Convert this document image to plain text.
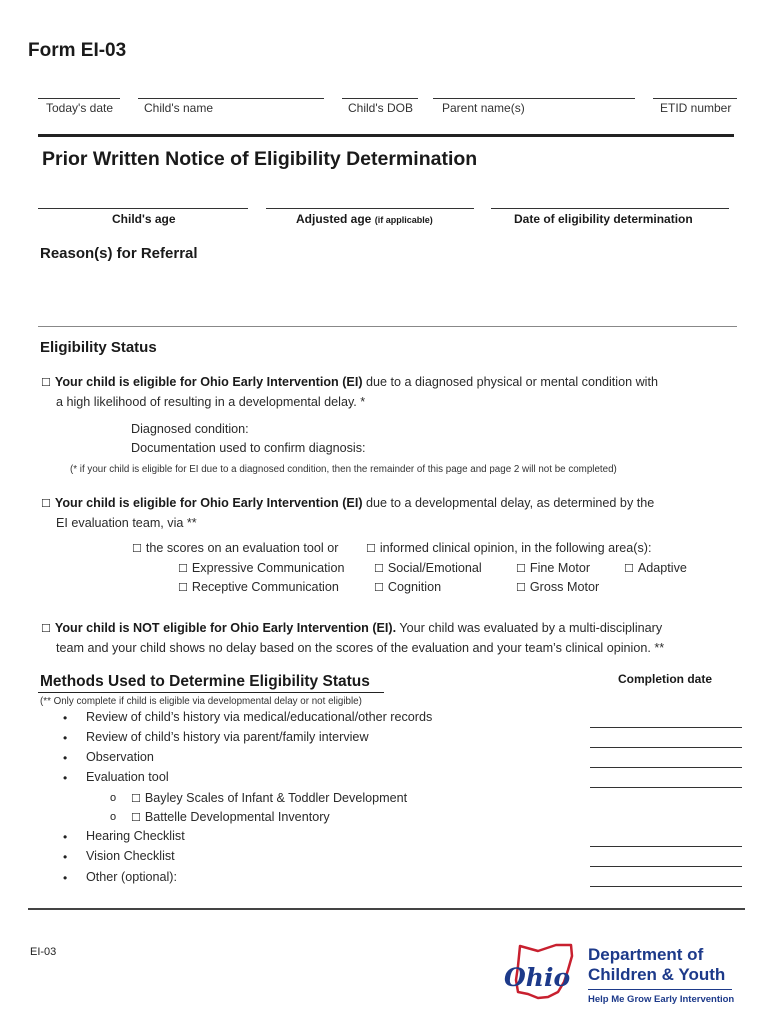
Form EI-03
Today's date	Child's name	Child's DOB Parent name(s)	ETID number
Prior Written Notice of Eligibility Determination
Child's age	Adjusted age (if applicable)	Date of eligibility determination
Reason(s) for Referral
Eligibility Status
☐ Your child is eligible for Ohio Early Intervention (EI) due to a diagnosed physical or mental condition with
a high likelihood of resulting in a developmental delay. *
Diagnosed condition:
Documentation used to confirm diagnosis:
(* if your child is eligible for EI due to a diagnosed condition, then the remainder of this page and page 2 will not be completed)
☐ Your child is eligible for Ohio Early Intervention (EI) due to a developmental delay, as determined by the
EI evaluation team, via **
☐ the scores on an evaluation tool or	☐ informed clinical opinion, in the following area(s):
☐ Expressive Communication	☐ Social/Emotional	☐ Fine Motor	☐ Adaptive
☐ Receptive Communication	☐ Cognition	☐ Gross Motor
☐ Your child is NOT eligible for Ohio Early Intervention (EI). Your child was evaluated by a multi-disciplinary
team and your child shows no delay based on the scores of the evaluation and your team’s clinical opinion. **
Methods Used to Determine Eligibility Status	Completion date
(** Only complete if child is eligible via developmental delay or not eligible)
• Review of child’s history via medical/educational/other records
• Review of child’s history via parent/family interview
• Observation
• Evaluation tool
o ☐ Bayley Scales of Infant & Toddler Development
o ☐ Battelle Developmental Inventory
• Hearing Checklist
• Vision Checklist
• Other (optional):
EI-03
Ohio
Department of
Children & Youth
Help Me Grow Early Intervention
